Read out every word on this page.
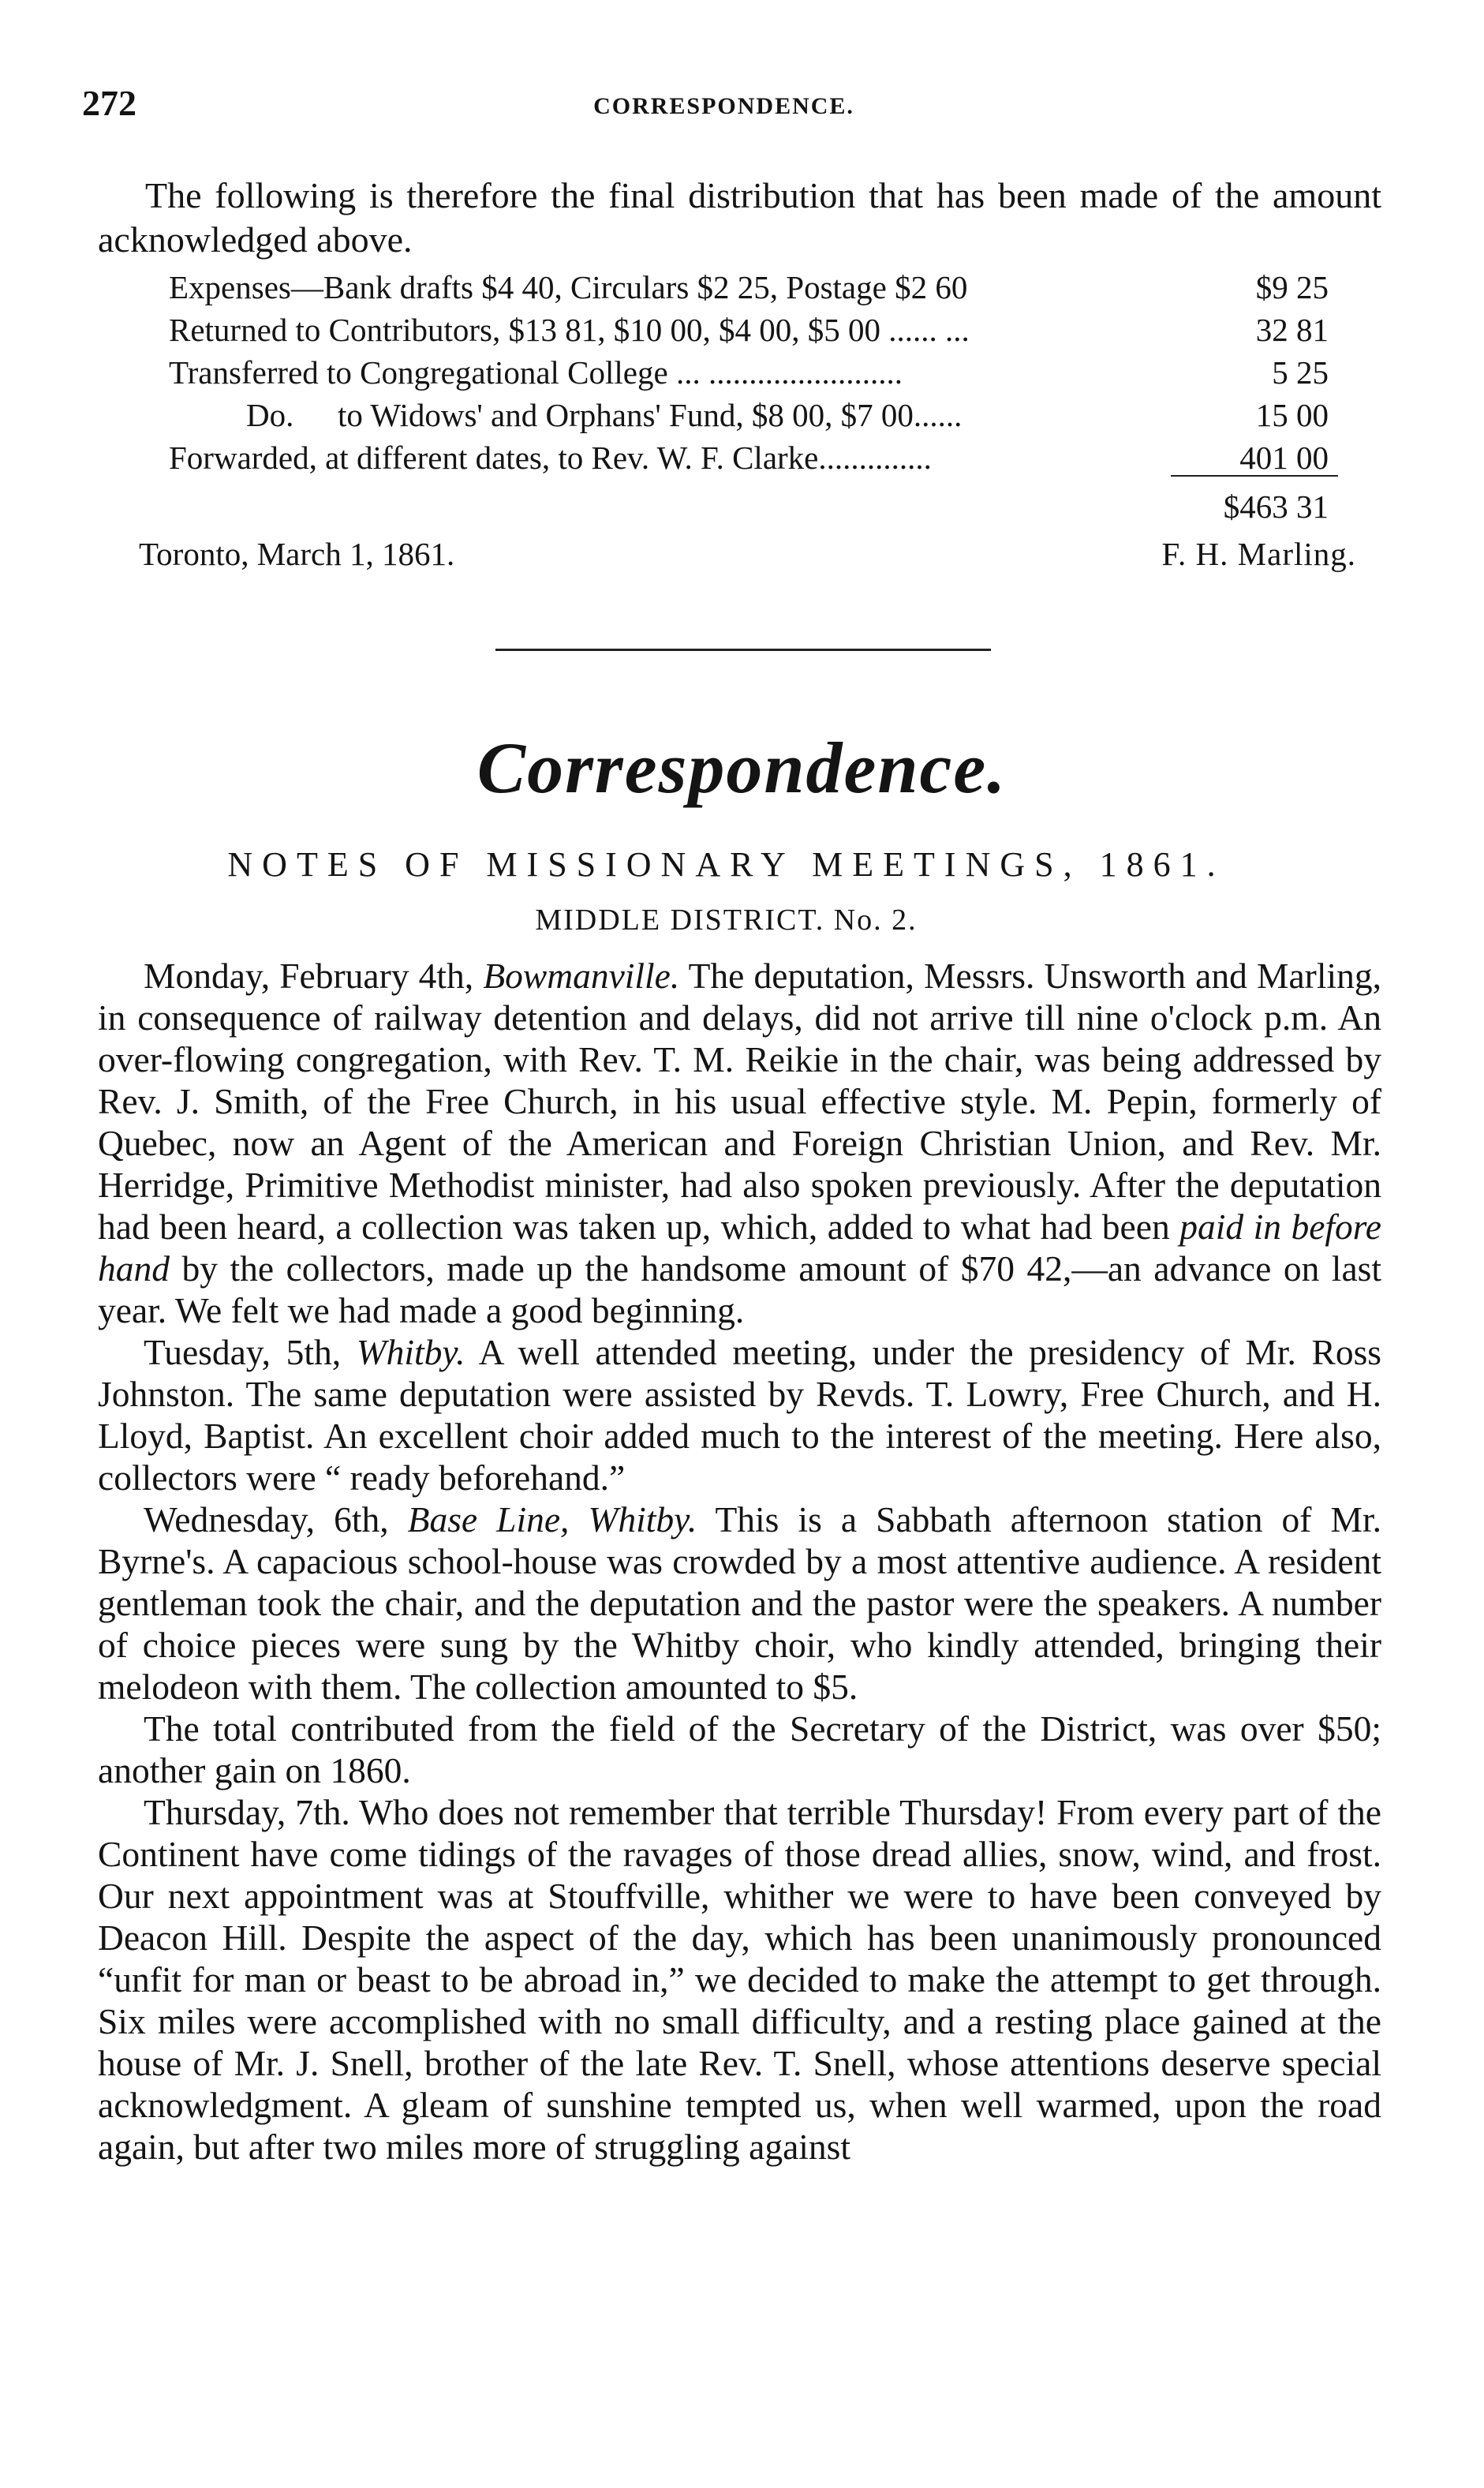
272	CORRESPONDENCE.

The following is therefore the final distribution that has been made of the amount acknowledged above.

Expenses—Bank drafts $4 40, Circulars $2 25, Postage $2 60	$9 25
Returned to Contributors, $13 81, $10 00, $4 00, $5 00 ...... ...	32 81
Transferred to Congregational College ... ........................	5 25
Do. to Widows' and Orphans' Fund, $8 00, $7 00......	15 00
Forwarded, at different dates, to Rev. W. F. Clarke..............	401 00
$463 31
Toronto, March 1, 1861.	F. H. Marling.
Correspondence.
NOTES OF MISSIONARY MEETINGS, 1861.
MIDDLE DISTRICT. No. 2.

Monday, February 4th, Bowmanville. The deputation, Messrs. Unsworth and Marling, in consequence of railway detention and delays, did not arrive till nine o'clock p.m. An over-flowing congregation, with Rev. T. M. Reikie in the chair, was being addressed by Rev. J. Smith, of the Free Church, in his usual effective style. M. Pepin, formerly of Quebec, now an Agent of the American and Foreign Christian Union, and Rev. Mr. Herridge, Primitive Methodist minister, had also spoken previously. After the deputation had been heard, a collection was taken up, which, added to what had been paid in before hand by the collectors, made up the handsome amount of $70 42,—an advance on last year. We felt we had made a good beginning.

Tuesday, 5th, Whitby. A well attended meeting, under the presidency of Mr. Ross Johnston. The same deputation were assisted by Revds. T. Lowry, Free Church, and H. Lloyd, Baptist. An excellent choir added much to the interest of the meeting. Here also, collectors were “ ready beforehand.”

Wednesday, 6th, Base Line, Whitby. This is a Sabbath afternoon station of Mr. Byrne's. A capacious school-house was crowded by a most attentive audience. A resident gentleman took the chair, and the deputation and the pastor were the speakers. A number of choice pieces were sung by the Whitby choir, who kindly attended, bringing their melodeon with them. The collection amounted to $5.

The total contributed from the field of the Secretary of the District, was over $50; another gain on 1860.

Thursday, 7th. Who does not remember that terrible Thursday! From every part of the Continent have come tidings of the ravages of those dread allies, snow, wind, and frost. Our next appointment was at Stouffville, whither we were to have been conveyed by Deacon Hill. Despite the aspect of the day, which has been unanimously pronounced “unfit for man or beast to be abroad in,” we decided to make the attempt to get through. Six miles were accomplished with no small difficulty, and a resting place gained at the house of Mr. J. Snell, brother of the late Rev. T. Snell, whose attentions deserve special acknowledgment. A gleam of sunshine tempted us, when well warmed, upon the road again, but after two miles more of struggling against
